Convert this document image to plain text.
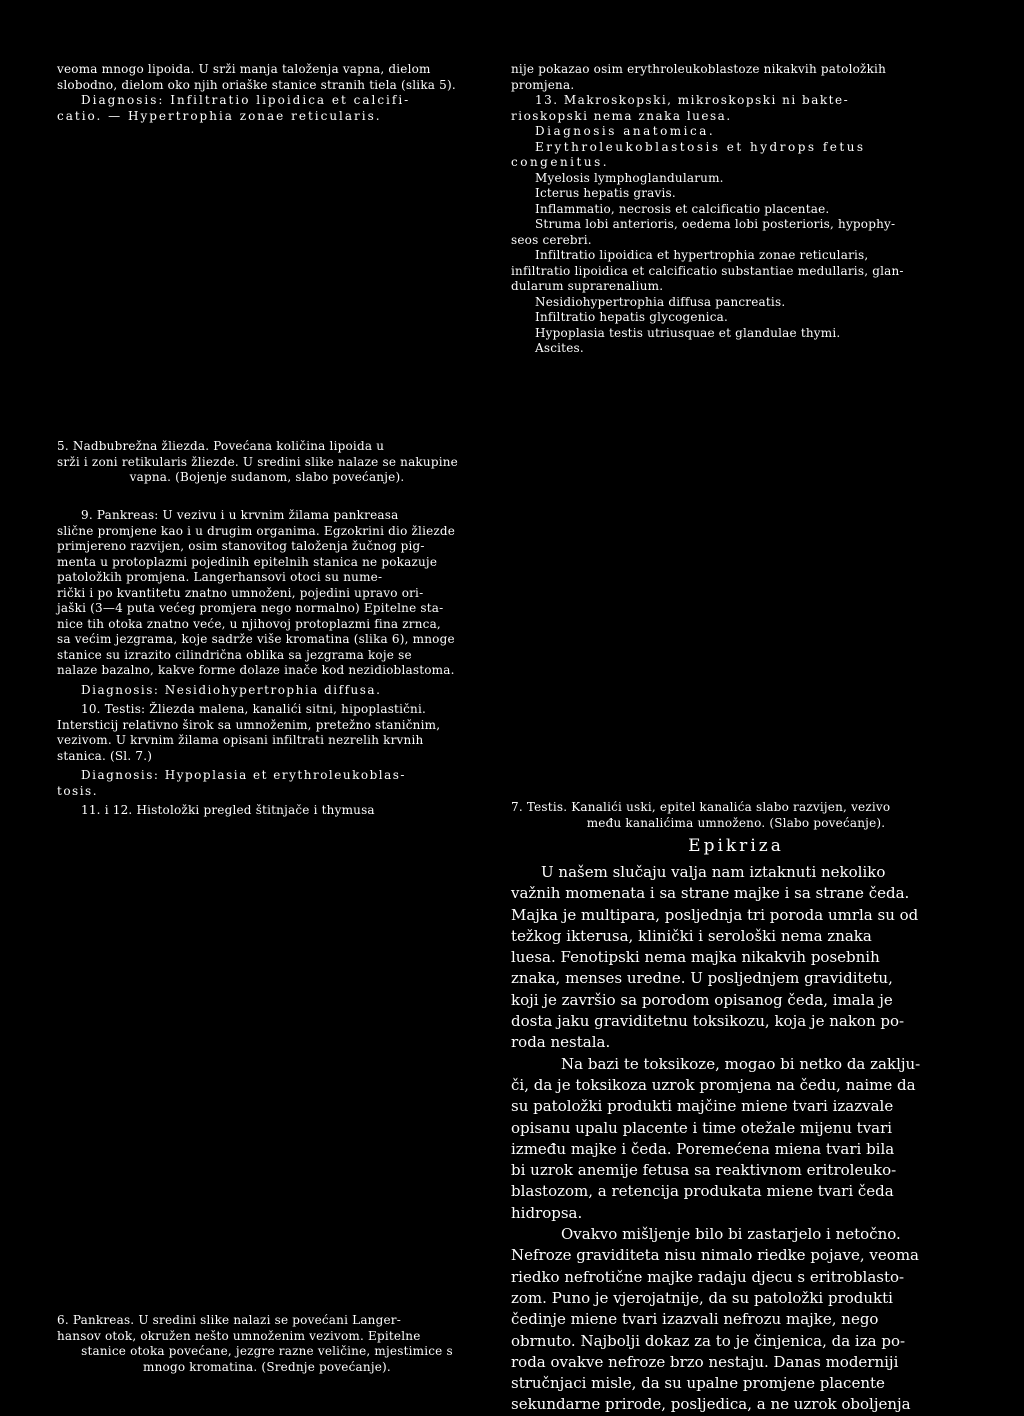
veoma mnogo lipoida. U srži manja taloženja vapna, dielom

slobodno, dielom oko njih oriaške stanice stranih tiela (slika 5).

Diagnosis: Infiltratio lipoidica et calcifi-

catio. — Hypertrophia zonae reticularis.

5. Nadbubrežna žliezda. Povećana količina lipoida u

srži i zoni retikularis žliezde. U sredini slike nalaze se nakupine

vapna. (Bojenje sudanom, slabo povećanje).

9. Pankreas: U vezivu i u krvnim žilama pankreasa

slične promjene kao i u drugim organima. Egzokrini dio žliezde

primjereno razvijen, osim stanovitog taloženja žučnog pig-

menta u protoplazmi pojedinih epitelnih stanica ne pokazuje

patoložkih promjena. Langerhansovi otoci su nume-

rički i po kvantitetu znatno umnoženi, pojedini upravo ori-

jaški (3—4 puta većeg promjera nego normalno) Epitelne sta-

nice tih otoka znatno veće, u njihovoj protoplazmi fina zrnca,

sa većim jezgrama, koje sadrže više kromatina (slika 6), mnoge

stanice su izrazito cilindrična oblika sa jezgrama koje se

nalaze bazalno, kakve forme dolaze inače kod nezidioblastoma.

Diagnosis: Nesidiohypertrophia diffusa.

10. Testis: Žliezda malena, kanalići sitni, hipoplastični.

Intersticij relativno širok sa umnoženim, pretežno staničnim,

vezivom. U krvnim žilama opisani infiltrati nezrelih krvnih

stanica. (Sl. 7.)

Diagnosis: Hypoplasia et erythroleukoblas-

tosis.

11. i 12. Histoložki pregled štitnjače i thymusa

6. Pankreas. U sredini slike nalazi se povećani Langer-

hansov otok, okružen nešto umnoženim vezivom. Epitelne

stanice otoka povećane, jezgre razne veličine, mjestimice s

mnogo kromatina. (Srednje povećanje).

nije pokazao osim erythroleukoblastoze nikakvih patoložkih

promjena.

13. Makroskopski, mikroskopski ni bakte-

rioskopski nema znaka luesa.

Diagnosis anatomica.

Erythroleukoblastosis et hydrops fetus

congenitus.

Myelosis lymphoglandularum.

Icterus hepatis gravis.

Inflammatio, necrosis et calcificatio placentae.

Struma lobi anterioris, oedema lobi posterioris, hypophy-

seos cerebri.

Infiltratio lipoidica et hypertrophia zonae reticularis,

infiltratio lipoidica et calcificatio substantiae medullaris, glan-

dularum suprarenalium.

Nesidiohypertrophia diffusa pancreatis.

Infiltratio hepatis glycogenica.

Hypoplasia testis utriusquae et glandulae thymi.

Ascites.

7. Testis. Kanalići uski, epitel kanalića slabo razvijen, vezivo

među kanalićima umnoženo. (Slabo povećanje).

Epikriza

U našem slučaju valja nam iztaknuti nekoliko

važnih momenata i sa strane majke i sa strane čeda.

Majka je multipara, posljednja tri poroda umrla su od

težkog ikterusa, klinički i serološki nema znaka

luesa. Fenotipski nema majka nikakvih posebnih

znaka, menses uredne. U posljednjem graviditetu,

koji je završio sa porodom opisanog čeda, imala je

dosta jaku graviditetnu toksikozu, koja je nakon po-

roda nestala.

Na bazi te toksikoze, mogao bi netko da zaklju-

či, da je toksikoza uzrok promjena na čedu, naime da

su patoložki produkti majčine miene tvari izazvale

opisanu upalu placente i time otežale mijenu tvari

između majke i čeda. Poremećena miena tvari bila

bi uzrok anemije fetusa sa reaktivnom eritroleuko-

blastozom, a retencija produkata miene tvari čeda

hidropsa.

Ovakvo mišljenje bilo bi zastarjelo i netočno.

Nefroze graviditeta nisu nimalo riedke pojave, veoma

riedko nefrotične majke radaju djecu s eritroblasto-

zom. Puno je vjerojatnije, da su patoložki produkti

čedinje miene tvari izazvali nefrozu majke, nego

obrnuto. Najbolji dokaz za to je činjenica, da iza po-

roda ovakve nefroze brzo nestaju. Danas moderniji

stručnjaci misle, da su upalne promjene placente

sekundarne prirode, posljedica, a ne uzrok oboljenja
